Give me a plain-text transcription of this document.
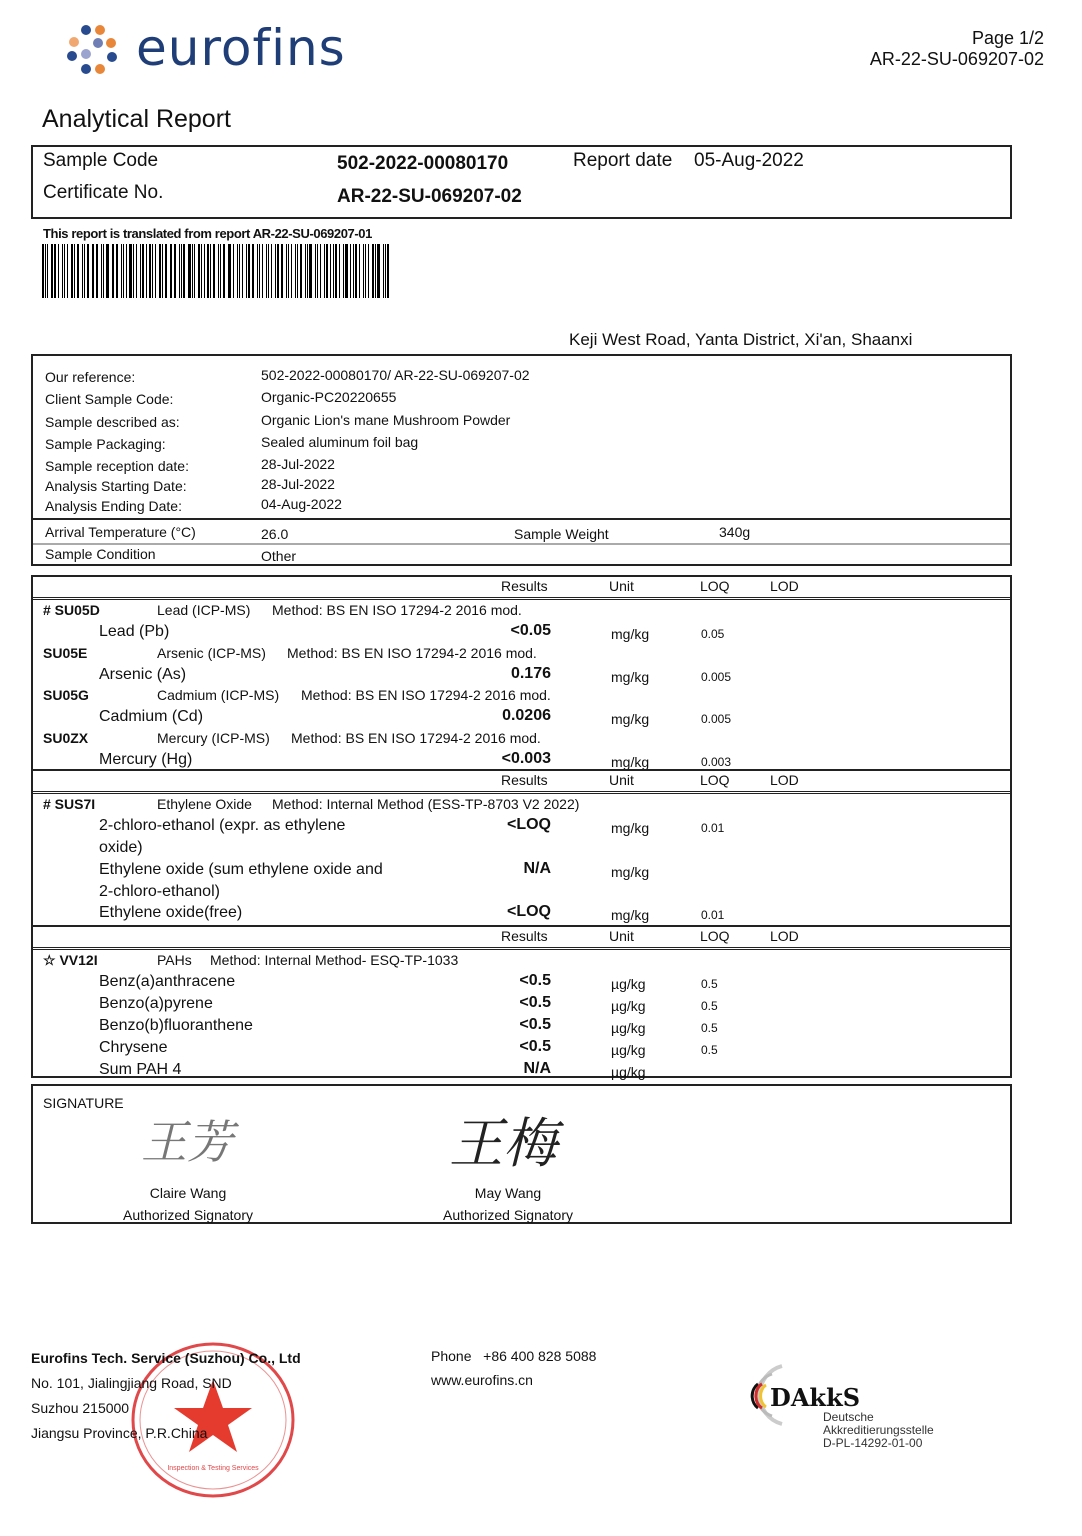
eurofins	Page 1/2
AR-22-SU-069207-02
Analytical Report
Sample Code	502-2022-00080170	Report date 05-Aug-2022
Certificate No.	AR-22-SU-069207-02
This report is translated from report AR-22-SU-069207-01
Keji West Road, Yanta District, Xi'an, Shaanxi
Our reference:	502-2022-00080170/ AR-22-SU-069207-02
Client Sample Code:	Organic-PC20220655
Sample described as:	Organic Lion's mane Mushroom Powder
Sample Packaging:	Sealed aluminum foil bag
Sample reception date:	28-Jul-2022
Analysis Starting Date:	28-Jul-2022
Analysis Ending Date:	04-Aug-2022
Arrival Temperature (°C)	26.0	Sample Weight	340g
Sample Condition	Other
Results	Unit	LOQ	LOD
# SU05D	Lead (ICP-MS) Method: BS EN ISO 17294-2 2016 mod.
Lead (Pb)	<0.05	mg/kg	0.05
SU05E	Arsenic (ICP-MS) Method: BS EN ISO 17294-2 2016 mod.
Arsenic (As)	0.176	mg/kg	0.005
SU05G	Cadmium (ICP-MS) Method: BS EN ISO 17294-2 2016 mod.
Cadmium (Cd)	0.0206	mg/kg	0.005
SU0ZX	Mercury (ICP-MS) Method: BS EN ISO 17294-2 2016 mod.
Mercury (Hg)	<0.003	mg/kg	0.003
Results	Unit	LOQ	LOD
# SUS7I	Ethylene Oxide Method: Internal Method (ESS-TP-8703 V2 2022)
2-chloro-ethanol (expr. as ethylene
oxide)
<LOQ	mg/kg	0.01
Ethylene oxide (sum ethylene oxide and
2-chloro-ethanol)
N/A	mg/kg
Ethylene oxide(free)	<LOQ	mg/kg	0.01
Results	Unit	LOQ	LOD
☆ VV12I	PAHs Method: Internal Method- ESQ-TP-1033
Benz(a)anthracene	<0.5	µg/kg	0.5
Benzo(a)pyrene	<0.5	µg/kg	0.5
Benzo(b)fluoranthene	<0.5	µg/kg	0.5
Chrysene	<0.5	µg/kg	0.5
Sum PAH 4	N/A	µg/kg
SIGNATURE
王芳	王梅
Claire Wang
Authorized Signatory
May Wang
Authorized Signatory
Inspection & Testing Services
Eurofins Tech. Service (Suzhou) Co., Ltd
No. 101, Jialingjiang Road, SND
Suzhou 215000
Jiangsu Province, P.R.China
Phone +86 400 828 5088
www.eurofins.cn
DAkkS
Deutsche
Akkreditierungsstelle
D-PL-14292-01-00
